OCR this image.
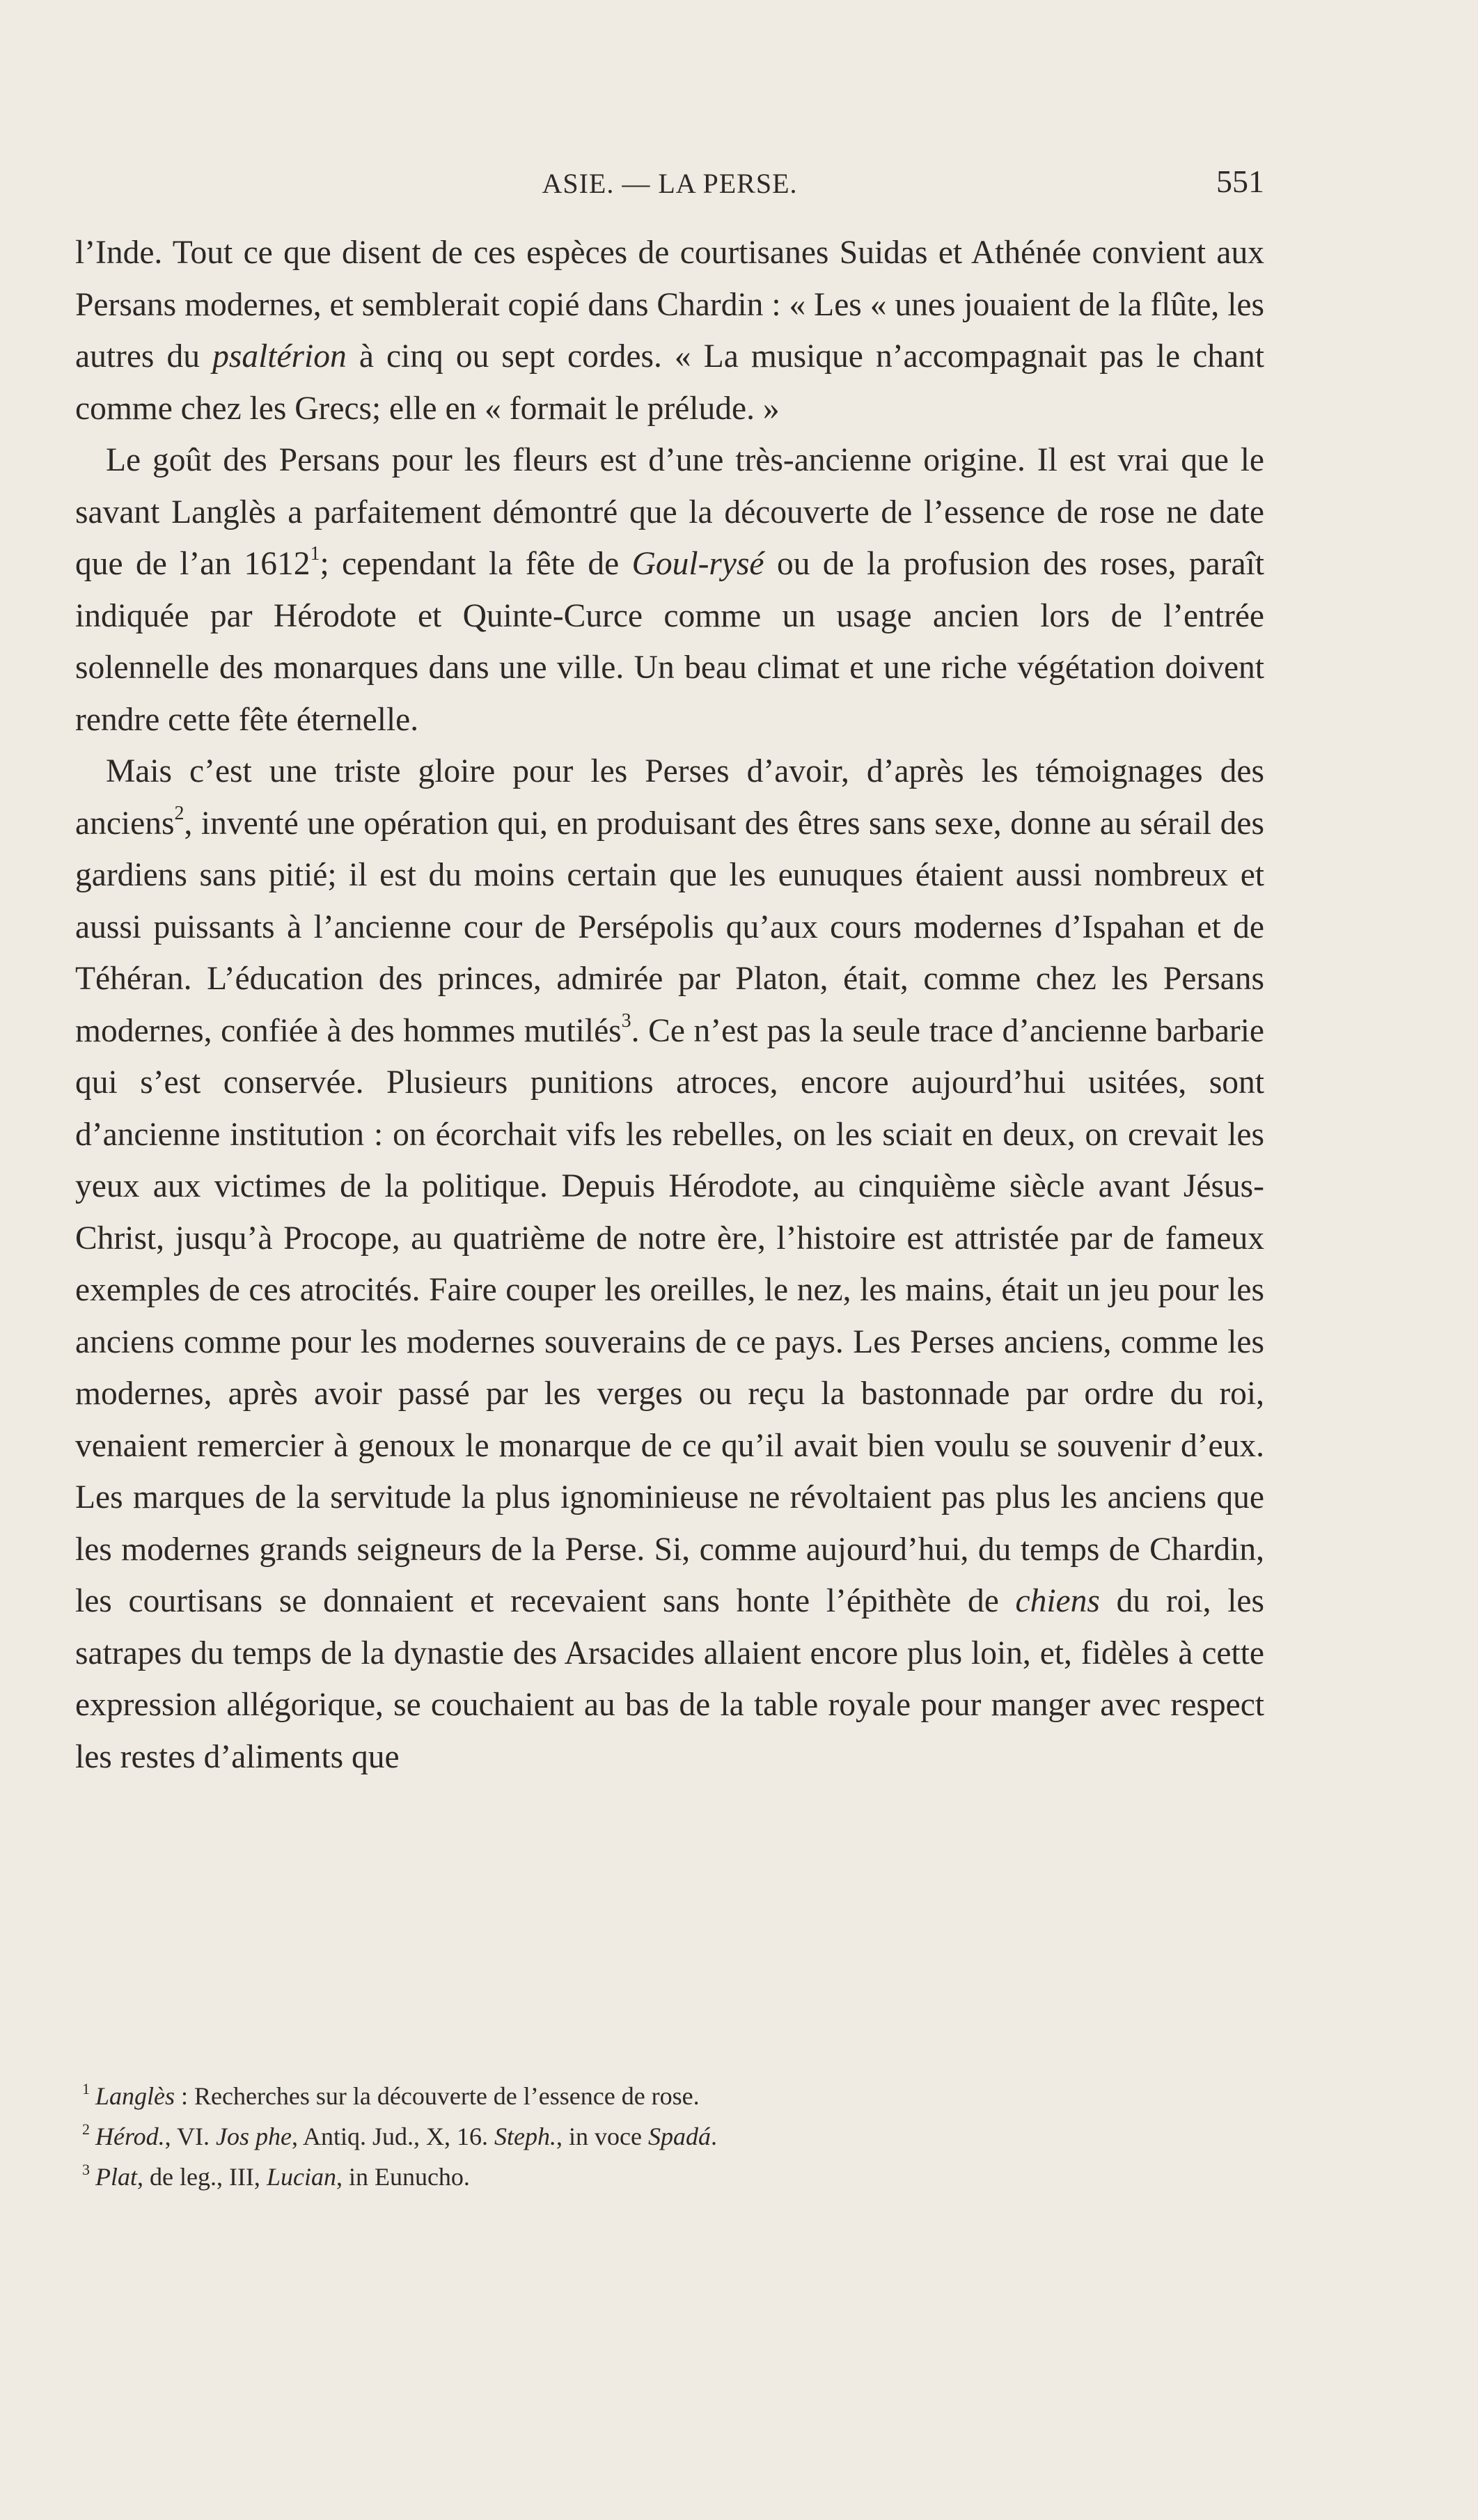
ASIE. — LA PERSE.	551

l’Inde. Tout ce que disent de ces espèces de courtisanes Suidas et Athénée convient aux Persans modernes, et semblerait copié dans Chardin : « Les « unes jouaient de la flûte, les autres du psaltérion à cinq ou sept cordes. « La musique n’accompagnait pas le chant comme chez les Grecs; elle en « formait le prélude. »

Le goût des Persans pour les fleurs est d’une très-ancienne origine. Il est vrai que le savant Langlès a parfaitement démontré que la découverte de l’essence de rose ne date que de l’an 1612$^1$; cependant la fête de Goul-rysé ou de la profusion des roses, paraît indiquée par Hérodote et Quinte-Curce comme un usage ancien lors de l’entrée solennelle des monarques dans une ville. Un beau climat et une riche végétation doivent rendre cette fête éternelle.

Mais c’est une triste gloire pour les Perses d’avoir, d’après les témoignages des anciens$^2$, inventé une opération qui, en produisant des êtres sans sexe, donne au sérail des gardiens sans pitié; il est du moins certain que les eunuques étaient aussi nombreux et aussi puissants à l’ancienne cour de Persépolis qu’aux cours modernes d’Ispahan et de Téhéran. L’éducation des princes, admirée par Platon, était, comme chez les Persans modernes, confiée à des hommes mutilés$^3$. Ce n’est pas la seule trace d’ancienne barbarie qui s’est conservée. Plusieurs punitions atroces, encore aujourd’hui usitées, sont d’ancienne institution : on écorchait vifs les rebelles, on les sciait en deux, on crevait les yeux aux victimes de la politique. Depuis Hérodote, au cinquième siècle avant Jésus-Christ, jusqu’à Procope, au quatrième de notre ère, l’histoire est attristée par de fameux exemples de ces atrocités. Faire couper les oreilles, le nez, les mains, était un jeu pour les anciens comme pour les modernes souverains de ce pays. Les Perses anciens, comme les modernes, après avoir passé par les verges ou reçu la bastonnade par ordre du roi, venaient remercier à genoux le monarque de ce qu’il avait bien voulu se souvenir d’eux. Les marques de la servitude la plus ignominieuse ne révoltaient pas plus les anciens que les modernes grands seigneurs de la Perse. Si, comme aujourd’hui, du temps de Chardin, les courtisans se donnaient et recevaient sans honte l’épithète de chiens du roi, les satrapes du temps de la dynastie des Arsacides allaient encore plus loin, et, fidèles à cette expression allégorique, se couchaient au bas de la table royale pour manger avec respect les restes d’aliments que

$^1$ Langlès : Recherches sur la découverte de l’essence de rose.

$^2$ Hérod., VI. Jos phe, Antiq. Jud., X, 16. Steph., in voce Spadá.

$^3$ Plat, de leg., III, Lucian, in Eunucho.
